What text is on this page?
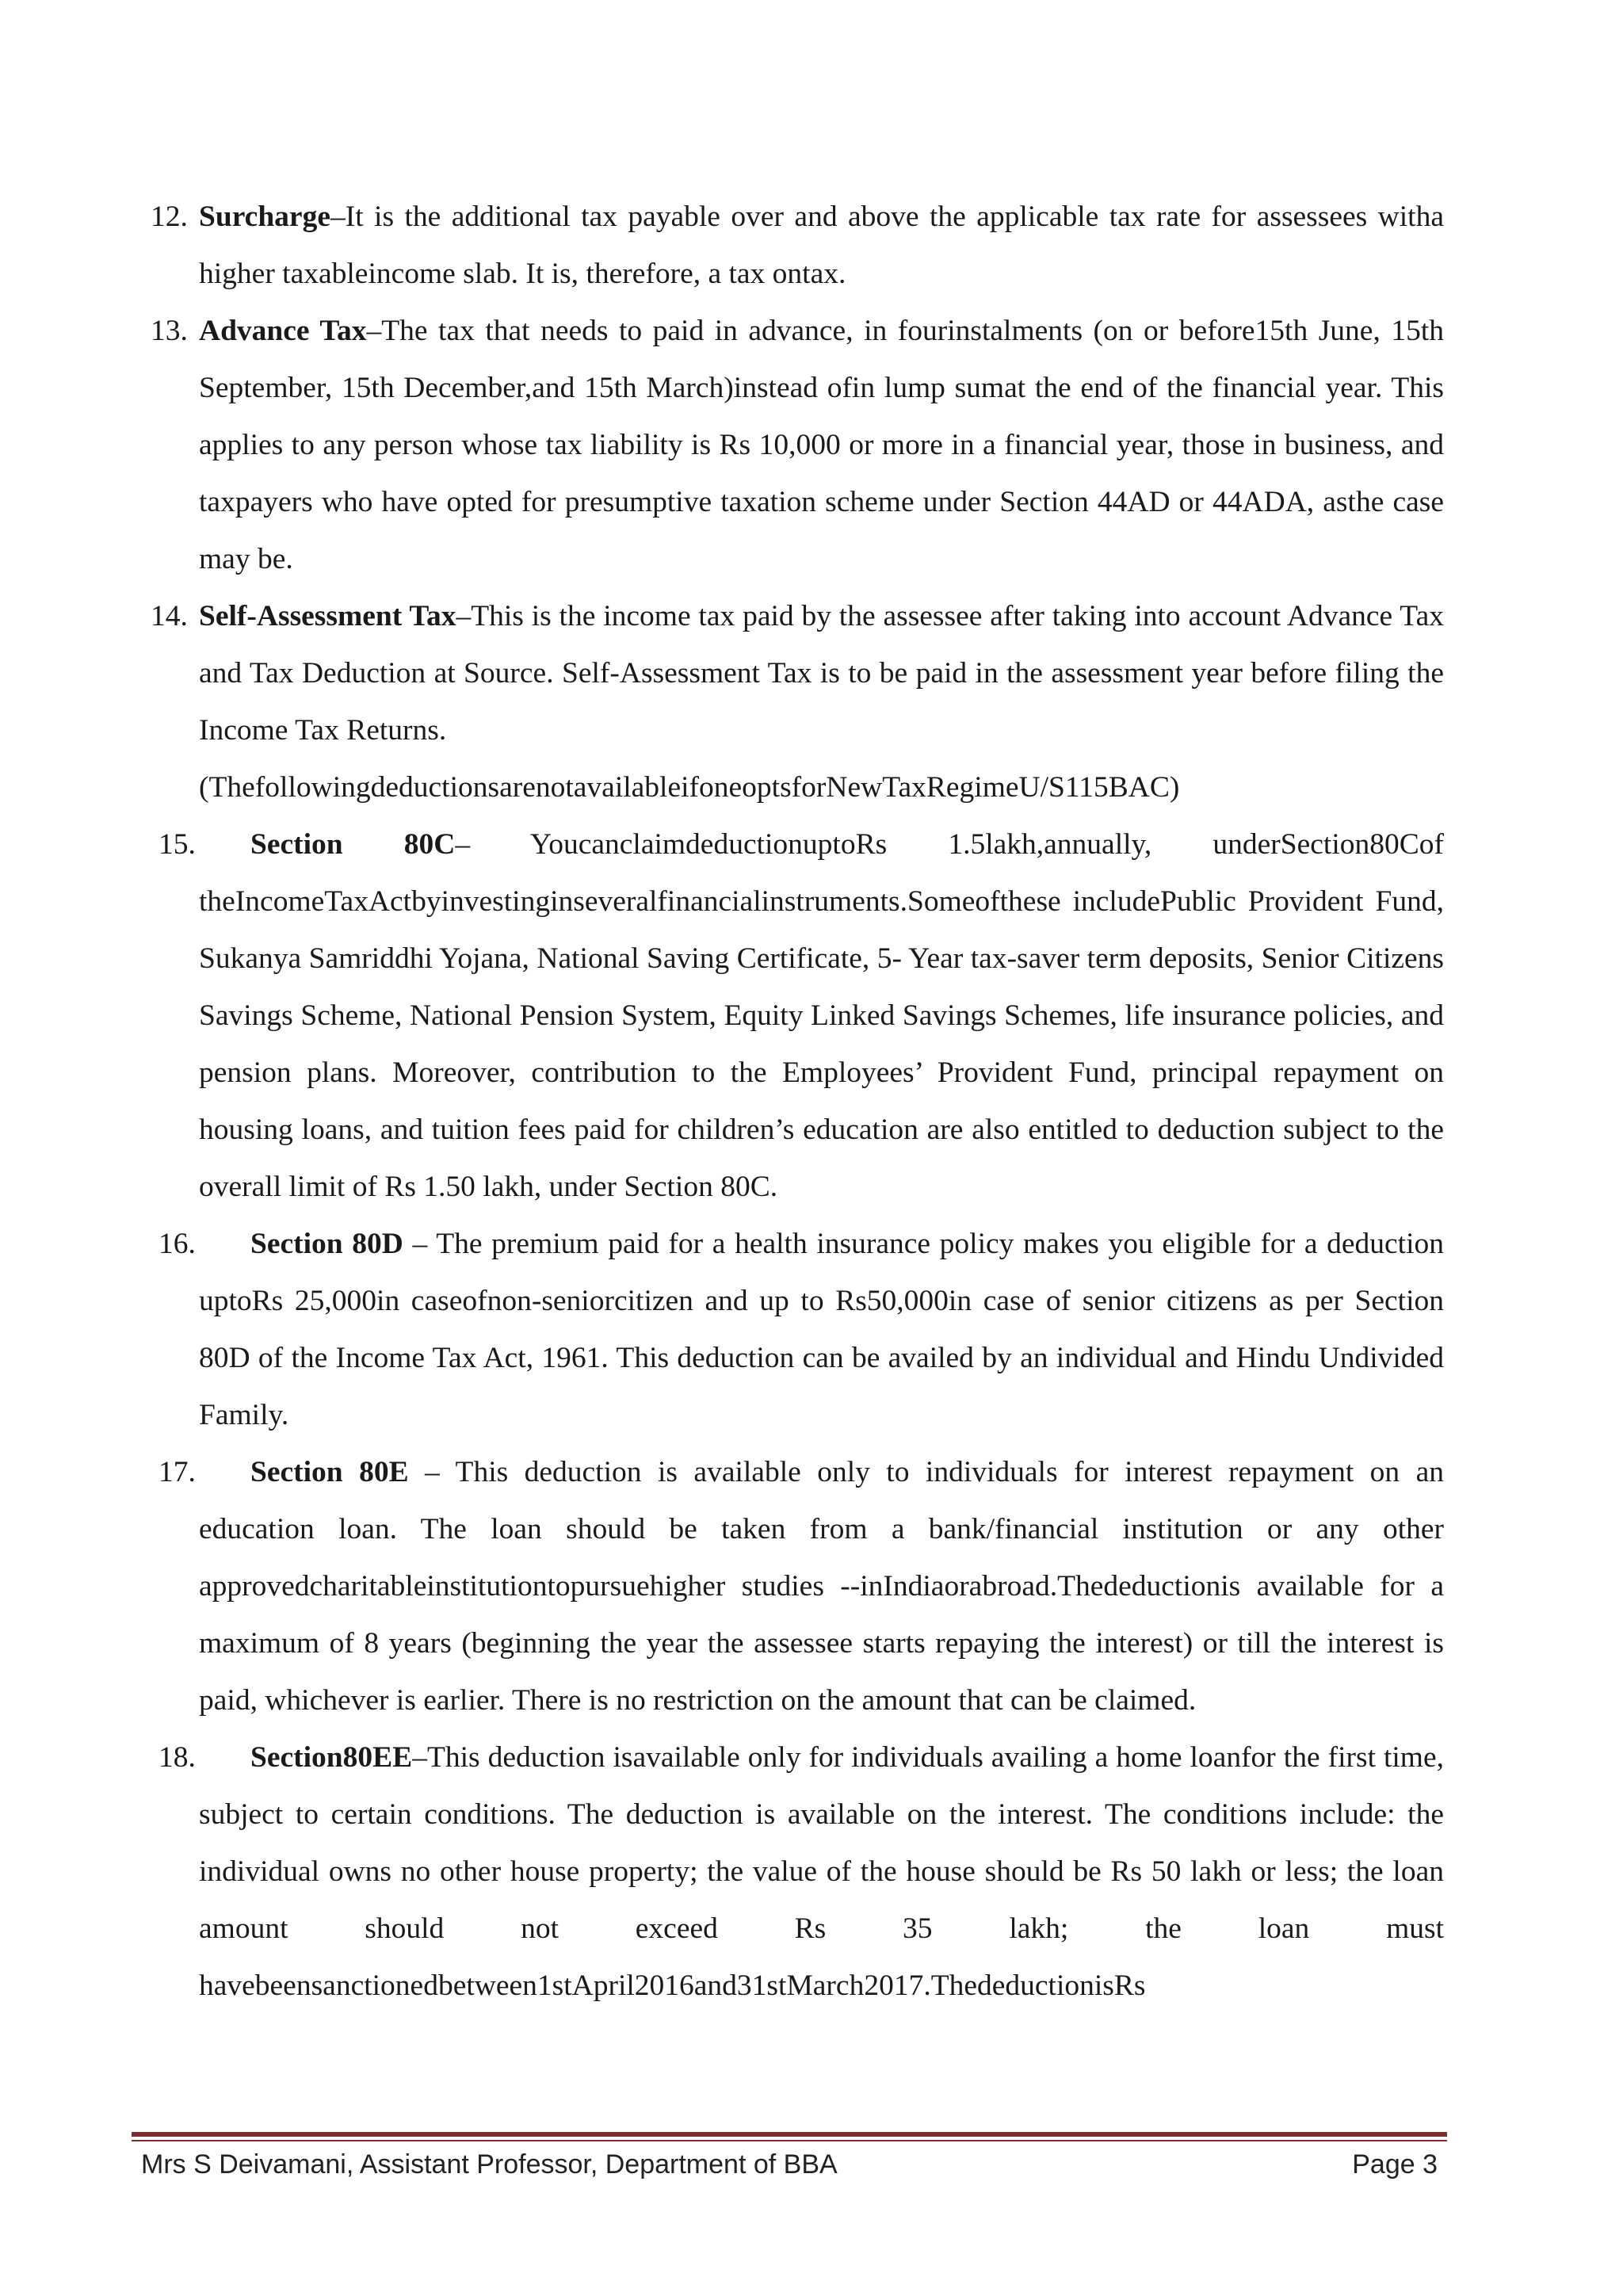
12. Surcharge–It is the additional tax payable over and above the applicable tax rate for assessees witha higher taxableincome slab. It is, therefore, a tax ontax.
13. Advance Tax–The tax that needs to paid in advance, in fourinstalments (on or before15th June, 15th September, 15th December,and 15th March)instead ofin lump sumat the end of the financial year. This applies to any person whose tax liability is Rs 10,000 or more in a financial year, those in business, and taxpayers who have opted for presumptive taxation scheme under Section 44AD or 44ADA, asthe case may be.
14. Self-Assessment Tax–This is the income tax paid by the assessee after taking into account Advance Tax and Tax Deduction at Source. Self-Assessment Tax is to be paid in the assessment year before filing the Income Tax Returns.
(ThefollowingdeductionsarenotavailableifoneoptsforNewTaxRegimeU/S115BAC)
15.	Section 80C– YoucanclaimdeductionuptoRs 1.5lakh,annually, underSection80Cof theIncomeTaxActbyinvestinginseveralfinancialinstruments.Someofthese includePublic Provident Fund, Sukanya Samriddhi Yojana, National Saving Certificate, 5- Year tax-saver term deposits, Senior Citizens Savings Scheme, National Pension System, Equity Linked Savings Schemes, life insurance policies, and pension plans. Moreover, contribution to the Employees’ Provident Fund, principal repayment on housing loans, and tuition fees paid for children’s education are also entitled to deduction subject to the overall limit of Rs 1.50 lakh, under Section 80C.
16.	Section 80D – The premium paid for a health insurance policy makes you eligible for a deduction uptoRs 25,000in caseofnon-seniorcitizen and up to Rs50,000in case of senior citizens as per Section 80D of the Income Tax Act, 1961. This deduction can be availed by an individual and Hindu Undivided Family.
17.	Section 80E – This deduction is available only to individuals for interest repayment on an education loan. The loan should be taken from a bank/financial institution or any other approvedcharitableinstitutiontopursuehigher studies --inIndiaorabroad.Thedeductionis available for a maximum of 8 years (beginning the year the assessee starts repaying the interest) or till the interest is paid, whichever is earlier. There is no restriction on the amount that can be claimed.
18.	Section80EE–This deduction isavailable only for individuals availing a home loanfor the first time, subject to certain conditions. The deduction is available on the interest. The conditions include: the individual owns no other house property; the value of the house should be Rs 50 lakh or less; the loan amount should not exceed Rs 35 lakh; the loan must havebeensanctionedbetween1stApril2016and31stMarch2017.ThedeductionisRs
Mrs S Deivamani, Assistant Professor, Department of BBA	Page 3
